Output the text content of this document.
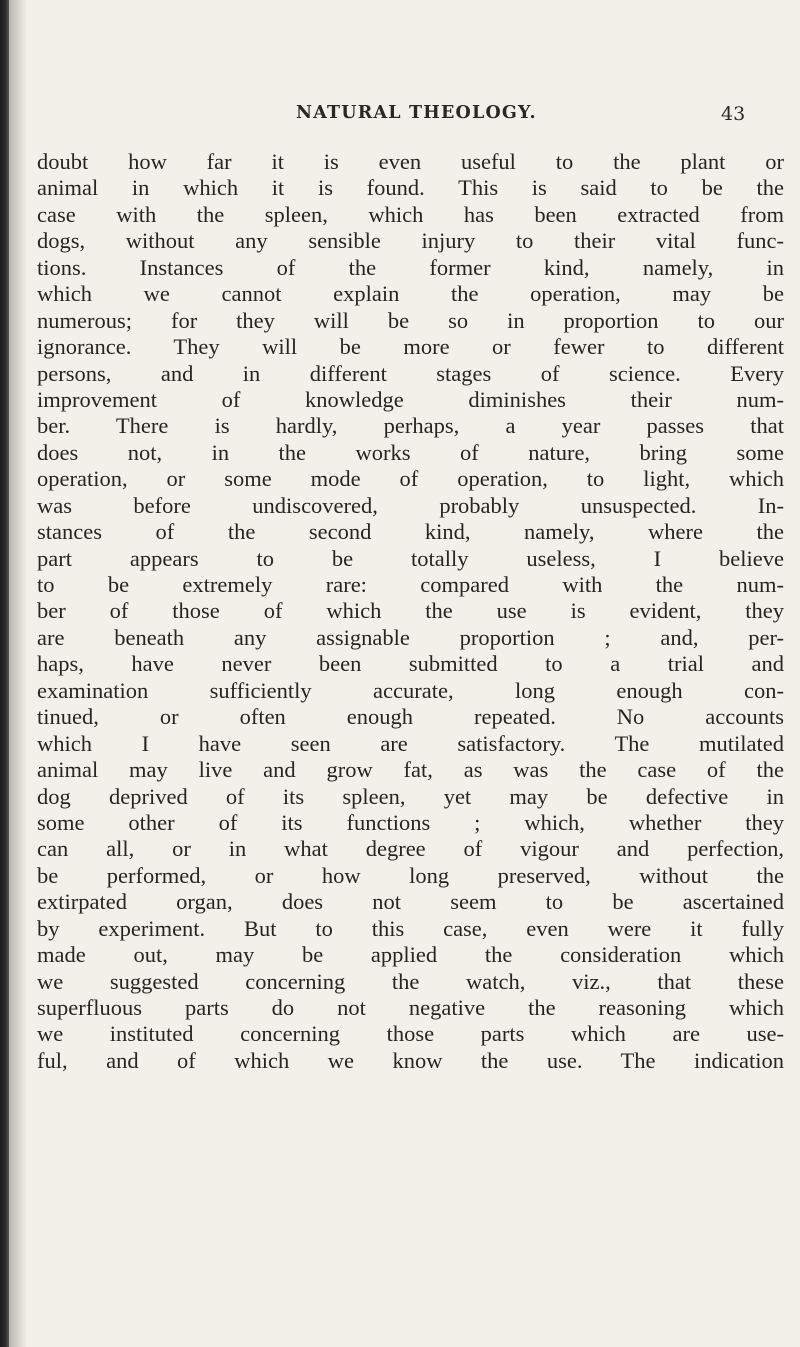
NATURAL THEOLOGY.	43
doubt how far it is even useful to the plant or
animal in which it is found. This is said to be the
case with the spleen, which has been extracted from
dogs, without any sensible injury to their vital func-
tions. Instances of the former kind, namely, in
which we cannot explain the operation, may be
numerous; for they will be so in proportion to our
ignorance. They will be more or fewer to different
persons, and in different stages of science. Every
improvement of knowledge diminishes their num-
ber. There is hardly, perhaps, a year passes that
does not, in the works of nature, bring some
operation, or some mode of operation, to light, which
was before undiscovered, probably unsuspected. In-
stances of the second kind, namely, where the
part appears to be totally useless, I believe
to be extremely rare: compared with the num-
ber of those of which the use is evident, they
are beneath any assignable proportion ; and, per-
haps, have never been submitted to a trial and
examination sufficiently accurate, long enough con-
tinued, or often enough repeated. No accounts
which I have seen are satisfactory. The mutilated
animal may live and grow fat, as was the case of the
dog deprived of its spleen, yet may be defective in
some other of its functions ; which, whether they
can all, or in what degree of vigour and perfection,
be performed, or how long preserved, without the
extirpated organ, does not seem to be ascertained
by experiment. But to this case, even were it fully
made out, may be applied the consideration which
we suggested concerning the watch, viz., that these
superfluous parts do not negative the reasoning which
we instituted concerning those parts which are use-
ful, and of which we know the use. The indication
